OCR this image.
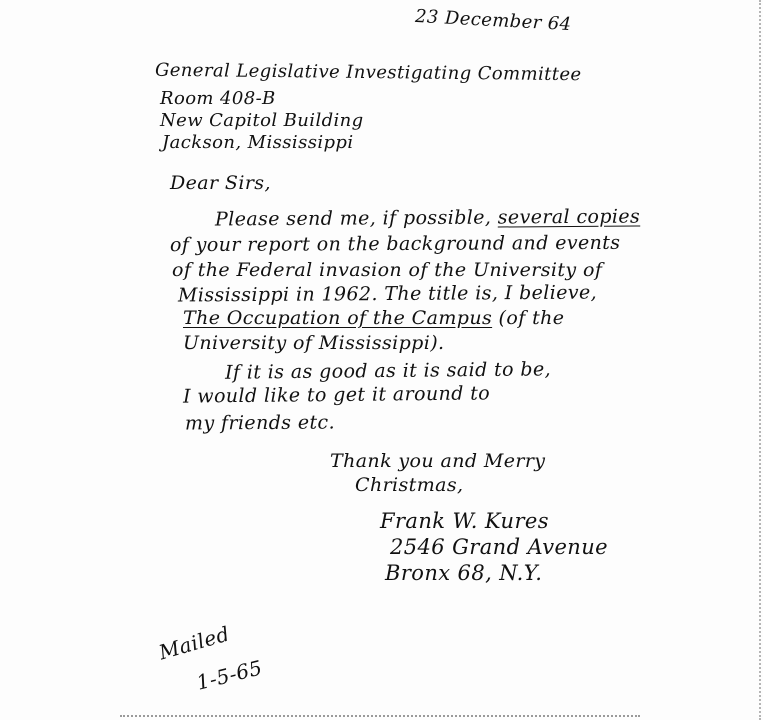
23 December 64
General Legislative Investigating Committee
Room 408-B
New Capitol Building
Jackson, Mississippi
Dear Sirs,
Please send me, if possible, several copies
of your report on the background and events
of the Federal invasion of the University of
Mississippi in 1962. The title is, I believe,
The Occupation of the Campus (of the
University of Mississippi).
If it is as good as it is said to be,
I would like to get it around to
my friends etc.
Thank you and Merry
Christmas,
Frank W. Kures
2546 Grand Avenue
Bronx 68, N.Y.
Mailed
1-5-65
